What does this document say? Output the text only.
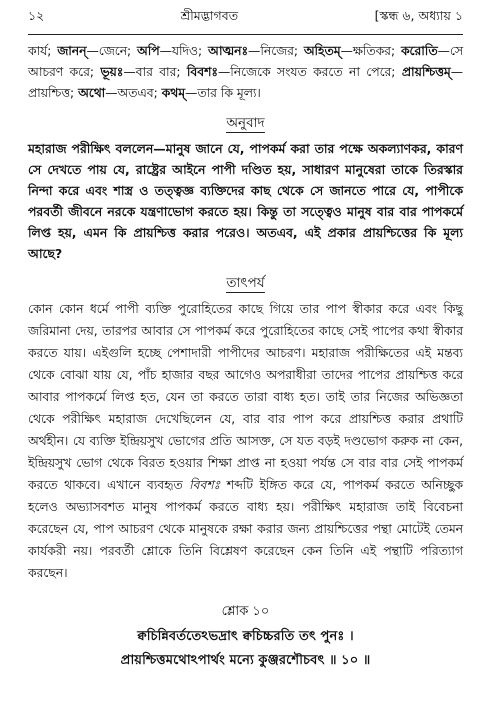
১২	শ্রীমদ্ভাগবত	[স্কন্ধ ৬, অধ্যায় ১

কার্য; জানন্—জেনে; অপি—যদিও; আত্মনঃ—নিজের; অহিতম্—ক্ষতিকর; করোতি—সে আচরণ করে; ভূয়ঃ—বার বার; বিবশঃ—নিজেকে সংযত করতে না পেরে; প্রায়শ্চিত্তম্—প্রায়শ্চিত্ত; অথো—অতএব; কথম্—তার কি মূল্য।

অনুবাদ

মহারাজ পরীক্ষিৎ বললেন—মানুষ জানে যে, পাপকর্ম করা তার পক্ষে অকল্যাণকর, কারণ সে দেখতে পায় যে, রাষ্ট্রের আইনে পাপী দণ্ডিত হয়, সাধারণ মানুষেরা তাকে তিরস্কার নিন্দা করে এবং শাস্ত্র ও তত্ত্বজ্ঞ ব্যক্তিদের কাছ থেকে সে জানতে পারে যে, পাপীকে পরবর্তী জীবনে নরকে যন্ত্রণাভোগ করতে হয়। কিন্তু তা সত্ত্বেও মানুষ বার বার পাপকর্মে লিপ্ত হয়, এমন কি প্রায়শ্চিত্ত করার পরেও। অতএব, এই প্রকার প্রায়শ্চিত্তের কি মূল্য আছে?

তাৎপর্য

কোন কোন ধর্মে পাপী ব্যক্তি পুরোহিতের কাছে গিয়ে তার পাপ স্বীকার করে এবং কিছু জরিমানা দেয়, তারপর আবার সে পাপকর্ম করে পুরোহিতের কাছে সেই পাপের কথা স্বীকার করতে যায়। এইগুলি হচ্ছে পেশাদারী পাপীদের আচরণ। মহারাজ পরীক্ষিতের এই মন্তব্য থেকে বোঝা যায় যে, পাঁচ হাজার বছর আগেও অপরাধীরা তাদের পাপের প্রায়শ্চিত্ত করে আবার পাপকর্মে লিপ্ত হত, যেন তা করতে তারা বাধ্য হত। তাই তার নিজের অভিজ্ঞতা থেকে পরীক্ষিৎ মহারাজ দেখেছিলেন যে, বার বার পাপ করে প্রায়শ্চিত্ত করার প্রথাটি অর্থহীন। যে ব্যক্তি ইন্দ্রিয়সুখ ভোগের প্রতি আসক্ত, সে যত বড়ই দণ্ডভোগ করুক না কেন, ইন্দ্রিয়সুখ ভোগ থেকে বিরত হওয়ার শিক্ষা প্রাপ্ত না হওয়া পর্যন্ত সে বার বার সেই পাপকর্ম করতে থাকবে। এখানে ব্যবহৃত বিবশঃ শব্দটি ইঙ্গিত করে যে, পাপকর্ম করতে অনিচ্ছুক হলেও অভ্যাসবশত মানুষ পাপকর্ম করতে বাধ্য হয়। পরীক্ষিৎ মহারাজ তাই বিবেচনা করেছেন যে, পাপ আচরণ থেকে মানুষকে রক্ষা করার জন্য প্রায়শ্চিত্তের পন্থা মোটেই তেমন কার্যকরী নয়। পরবর্তী শ্লোকে তিনি বিশ্লেষণ করেছেন কেন তিনি এই পন্থাটি পরিত্যাগ করছেন।

শ্লোক ১০

ক্বচিন্নিবর্ততেঽভদ্রাৎ ক্বচিচ্চরতি তৎ পুনঃ ।

প্রায়শ্চিত্তমথোঽপার্থং মন্যে কুঞ্জরশৌচবৎ ॥ ১০ ॥
